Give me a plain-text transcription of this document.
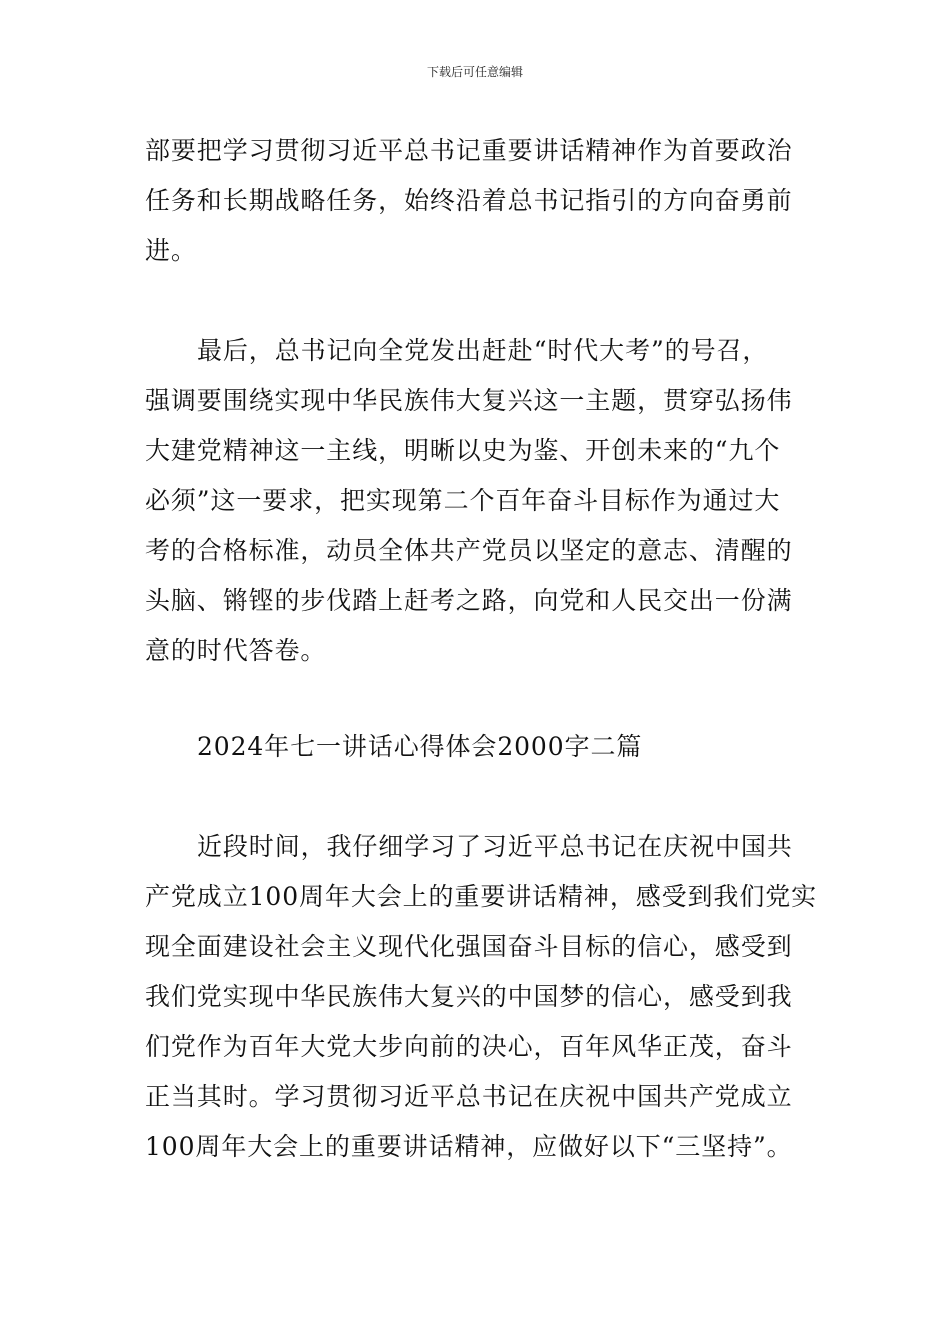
下载后可任意编辑
部要把学习贯彻习近平总书记重要讲话精神作为首要政治
任务和长期战略任务，始终沿着总书记指引的方向奋勇前
进。
最后，总书记向全党发出赶赴“时代大考”的号召，
强调要围绕实现中华民族伟大复兴这一主题，贯穿弘扬伟
大建党精神这一主线，明晰以史为鉴、开创未来的“九个
必须”这一要求，把实现第二个百年奋斗目标作为通过大
考的合格标准，动员全体共产党员以坚定的意志、清醒的
头脑、锵铿的步伐踏上赶考之路，向党和人民交出一份满
意的时代答卷。
2024年七一讲话心得体会2000字二篇
近段时间，我仔细学习了习近平总书记在庆祝中国共
产党成立100周年大会上的重要讲话精神，感受到我们党实
现全面建设社会主义现代化强国奋斗目标的信心，感受到
我们党实现中华民族伟大复兴的中国梦的信心，感受到我
们党作为百年大党大步向前的决心，百年风华正茂，奋斗
正当其时。学习贯彻习近平总书记在庆祝中国共产党成立
100周年大会上的重要讲话精神，应做好以下“三坚持”。
